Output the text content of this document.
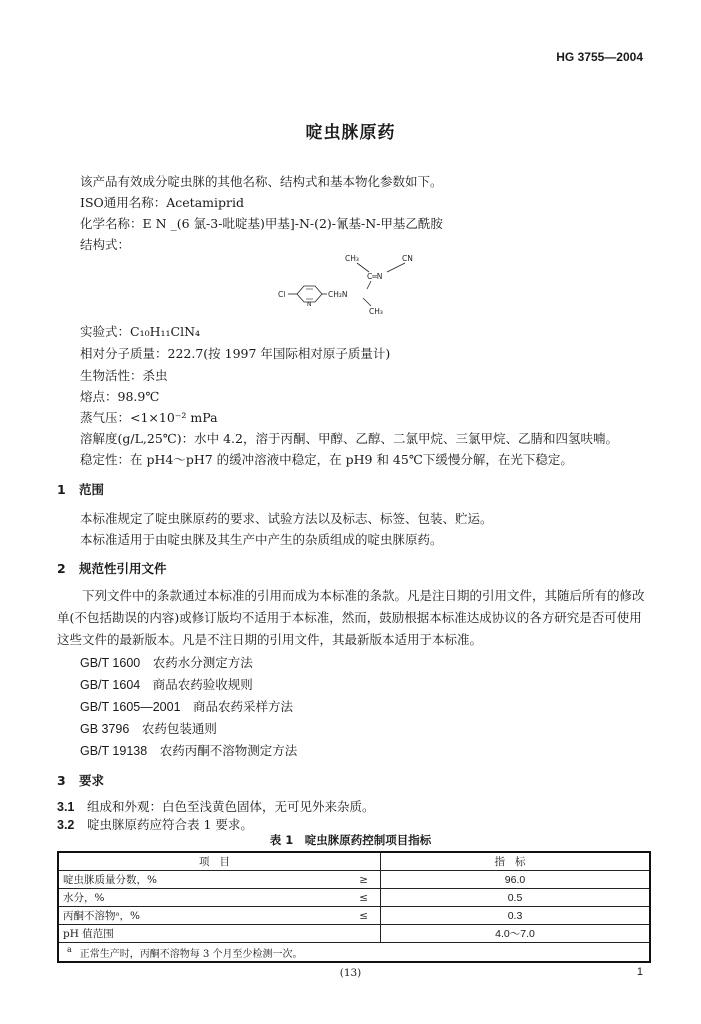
HG 3755—2004
啶虫脒原药
该产品有效成分啶虫脒的其他名称、结构式和基本物化参数如下。
ISO通用名称：Acetamiprid
化学名称：E N _(6 氯-3-吡啶基)甲基]-N-(2)-氰基-N-甲基乙酰胺
结构式：
CH₃	CN
C═N
Cl
N
CH₂N
CH₃
实验式：C₁₀H₁₁ClN₄
相对分子质量：222.7(按 1997 年国际相对原子质量计)
生物活性：杀虫
熔点：98.9℃
蒸气压：<1×10⁻² mPa
溶解度(g/L,25℃)：水中 4.2，溶于丙酮、甲醇、乙醇、二氯甲烷、三氯甲烷、乙腈和四氢呋喃。
稳定性：在 pH4～pH7 的缓冲溶液中稳定，在 pH9 和 45℃下缓慢分解，在光下稳定。
1 范围
本标准规定了啶虫脒原药的要求、试验方法以及标志、标签、包装、贮运。
本标准适用于由啶虫脒及其生产中产生的杂质组成的啶虫脒原药。
2 规范性引用文件
下列文件中的条款通过本标准的引用而成为本标准的条款。凡是注日期的引用文件，其随后所有的修改单(不包括勘误的内容)或修订版均不适用于本标准，然而，鼓励根据本标准达成协议的各方研究是否可使用这些文件的最新版本。凡是不注日期的引用文件，其最新版本适用于本标准。
GB/T 1600　 农药水分测定方法
GB/T 1604　 商品农药验收规则
GB/T 1605—2001　 商品农药采样方法
GB 3796　 农药包装通则
GB/T 19138　 农药丙酮不溶物测定方法
3 要求
3.1 组成和外观：白色至浅黄色固体，无可见外来杂质。
3.2 啶虫脒原药应符合表 1 要求。
表 1　啶虫脒原药控制项目指标
项目		指标
啶虫脒质量分数，%	≥	96.0
水分，%	≤	0.5
丙酮不溶物ᵃ，%	≤	0.3
pH 值范围		4.0～7.0
$^a$ 正常生产时，丙酮不溶物每 3 个月至少检测一次。		
(13)	1
